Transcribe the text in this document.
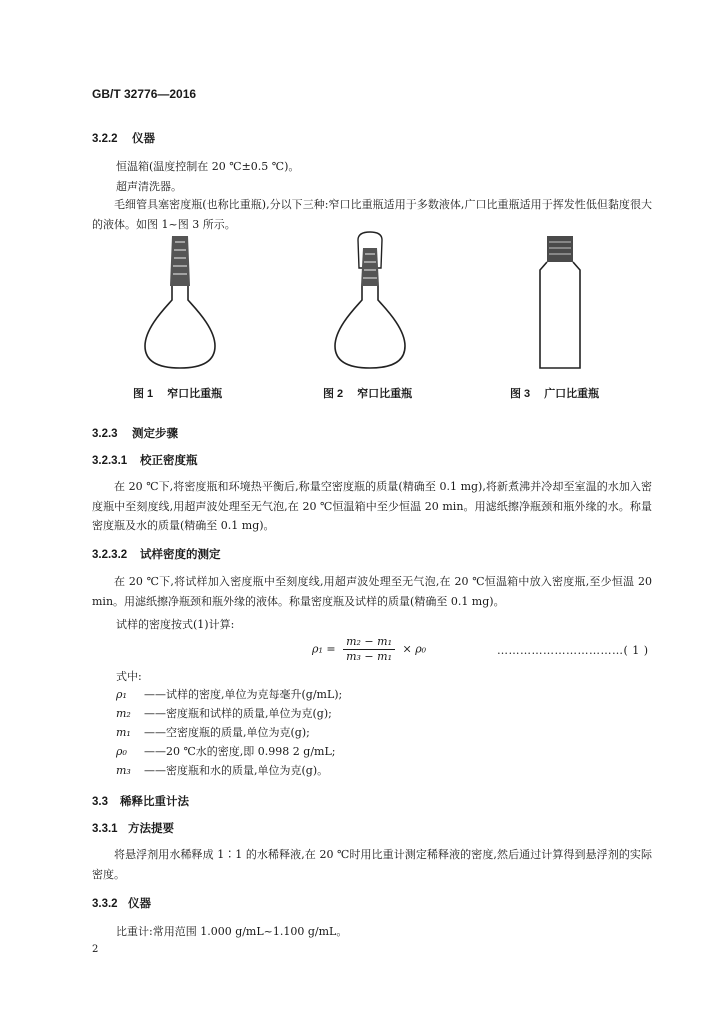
GB/T 32776—2016
3.2.2 仪器
恒温箱(温度控制在 20 ℃±0.5 ℃)。
超声清洗器。

毛细管具塞密度瓶(也称比重瓶),分以下三种:窄口比重瓶适用于多数液体,广口比重瓶适用于挥发性低但黏度很大的液体。如图 1~图 3 所示。

图 1 窄口比重瓶	图 2 窄口比重瓶	图 3 广口比重瓶
3.2.3 测定步骤
3.2.3.1 校正密度瓶

在 20 ℃下,将密度瓶和环境热平衡后,称量空密度瓶的质量(精确至 0.1 mg),将新煮沸并冷却至室温的水加入密度瓶中至刻度线,用超声波处理至无气泡,在 20 ℃恒温箱中至少恒温 20 min。用滤纸擦净瓶颈和瓶外缘的水。称量密度瓶及水的质量(精确至 0.1 mg)。

3.2.3.2 试样密度的测定

在 20 ℃下,将试样加入密度瓶中至刻度线,用超声波处理至无气泡,在 20 ℃恒温箱中放入密度瓶,至少恒温 20 min。用滤纸擦净瓶颈和瓶外缘的液体。称量密度瓶及试样的质量(精确至 0.1 mg)。

试样的密度按式(1)计算:
$\rho_1 = \frac{\text{m₂ − m₁}}{\text{m₃ − m₁}} \times \rho_0$	……………………………( 1 )
式中:
ρ₁ ——试样的密度,单位为克每毫升(g/mL);
m₂ ——密度瓶和试样的质量,单位为克(g);
m₁ ——空密度瓶的质量,单位为克(g);
ρ₀ ——20 ℃水的密度,即 0.998 2 g/mL;
m₃ ——密度瓶和水的质量,单位为克(g)。
3.3 稀释比重计法
3.3.1 方法提要

将悬浮剂用水稀释成 1∶1 的水稀释液,在 20 ℃时用比重计测定稀释液的密度,然后通过计算得到悬浮剂的实际密度。

3.3.2 仪器
比重计:常用范围 1.000 g/mL~1.100 g/mL。
2
